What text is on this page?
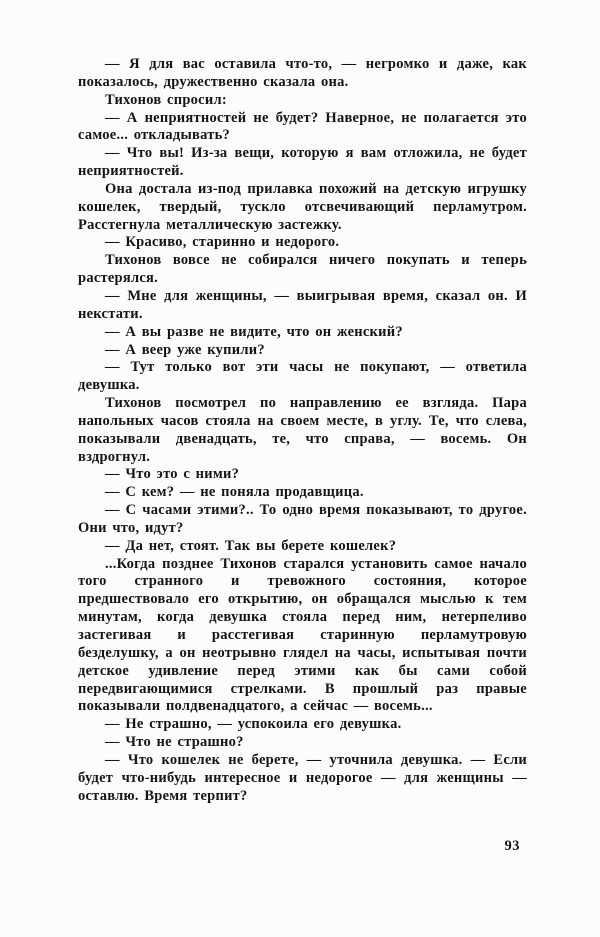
— Я для вас оставила что-то, — негромко и даже, как показалось, дружественно сказала она.

Тихонов спросил:

— А неприятностей не будет? Наверное, не полагается это самое... откладывать?

— Что вы! Из-за вещи, которую я вам отложила, не будет неприятностей.

Она достала из-под прилавка похожий на детскую игрушку кошелек, твердый, тускло отсвечивающий перламутром. Расстегнула металлическую застежку.

— Красиво, старинно и недорого.

Тихонов вовсе не собирался ничего покупать и теперь растерялся.

— Мне для женщины, — выигрывая время, сказал он. И некстати.

— А вы разве не видите, что он женский?

— А веер уже купили?

— Тут только вот эти часы не покупают, — ответила девушка.

Тихонов посмотрел по направлению ее взгляда. Пара напольных часов стояла на своем месте, в углу. Те, что слева, показывали двенадцать, те, что справа, — восемь. Он вздрогнул.

— Что это с ними?

— С кем? — не поняла продавщица.

— С часами этими?.. То одно время показывают, то другое. Они что, идут?

— Да нет, стоят. Так вы берете кошелек?

...Когда позднее Тихонов старался установить самое начало того странного и тревожного состояния, которое предшествовало его открытию, он обращался мыслью к тем минутам, когда девушка стояла перед ним, нетерпеливо застегивая и расстегивая старинную перламутровую безделушку, а он неотрывно глядел на часы, испытывая почти детское удивление перед этими как бы сами собой передвигающимися стрелками. В прошлый раз правые показывали полдвенадцатого, а сейчас — восемь...

— Не страшно, — успокоила его девушка.

— Что не страшно?

— Что кошелек не берете, — уточнила девушка. — Если будет что-нибудь интересное и недорогое — для женщины — оставлю. Время терпит?

93
